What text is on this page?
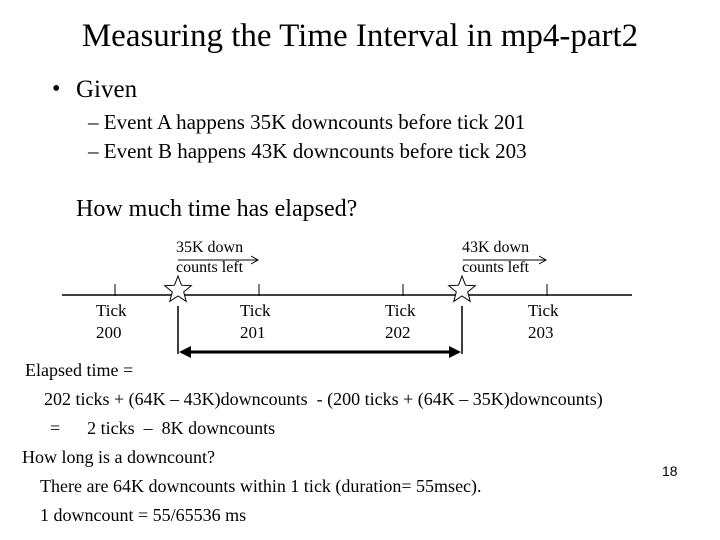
Measuring the Time Interval in mp4-part2
• Given
– Event A happens 35K downcounts before tick 201
– Event B happens 43K downcounts before tick 203
How much time has elapsed?
35K down
counts left
43K down
counts left
Tick
200
Tick
201
Tick
202
Tick
203
Elapsed time =
202 ticks + (64K – 43K)downcounts  - (200 ticks + (64K – 35K)downcounts)
=      2 ticks  –  8K downcounts
How long is a downcount?
There are 64K downcounts within 1 tick (duration= 55msec).
1 downcount = 55/65536 ms
18
